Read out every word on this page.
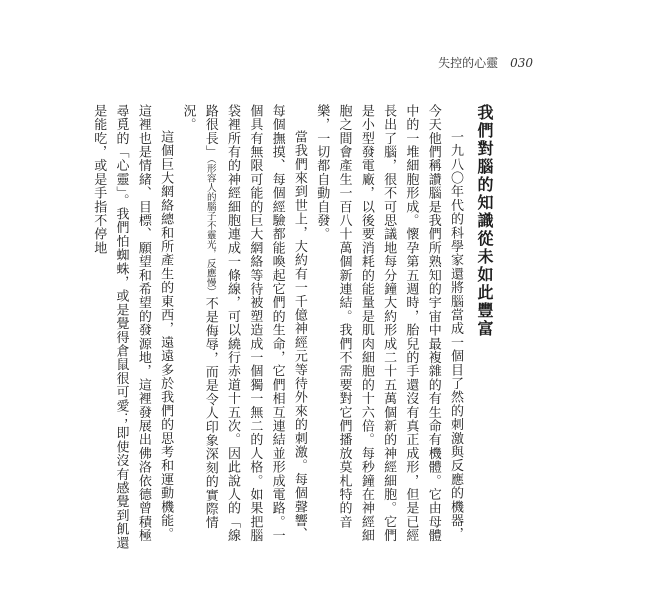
失控的心靈 030
我們對腦的知識從未如此豐富

一九八〇年代的科學家還將腦當成一個目了然的刺激與反應的機器，今天他們稱讚腦是我們所熟知的宇宙中最複雜的有生命有機體。它由母體中的一堆細胞形成。懷孕第五週時，胎兒的手還沒有真正成形，但是已經長出了腦，很不可思議地每分鐘大約形成二十五萬個新的神經細胞。它們是小型發電廠，以後要消耗的能量是肌肉細胞的十六倍。每秒鐘在神經細胞之間會產生一百八十萬個新連結。我們不需要對它們播放莫札特的音樂，一切都自動自發。

當我們來到世上，大約有一千億神經元等待外來的刺激。每個聲響、每個撫摸、每個經驗都能喚起它們的生命，它們相互連結並形成電路。一個具有無限可能的巨大網絡等待被塑造成一個獨一無二的人格。如果把腦袋裡所有的神經細胞連成一條線，可以繞行赤道十五次。因此說人的「線路很長」（形容人的腦子不靈光，反應慢）不是侮辱，而是令人印象深刻的實際情況。

這個巨大網絡總和所產生的東西，遠遠多於我們的思考和運動機能。這裡也是情緒、目標、願望和希望的發源地，這裡發展出佛洛依德曾積極尋覓的「心靈」。我們怕蜘蛛，或是覺得倉鼠很可愛；即使沒有感覺到飢還是能吃，或是手指不停地
